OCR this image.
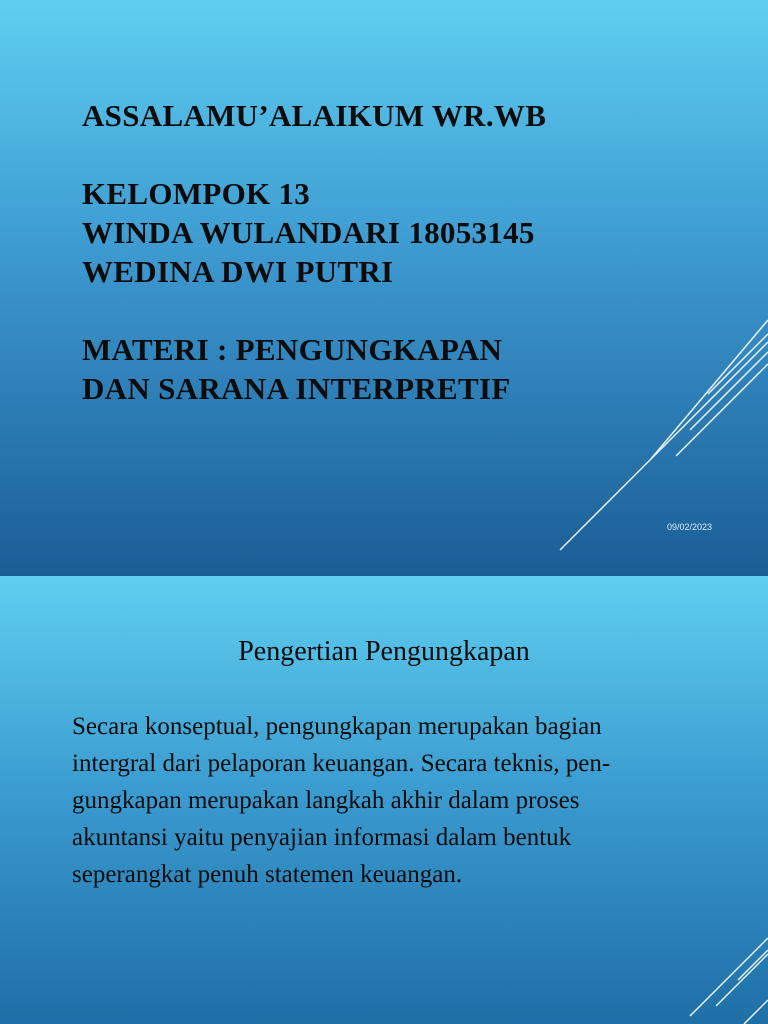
ASSALAMU’ALAIKUM WR.WB
KELOMPOK 13
WINDA WULANDARI 18053145
WEDINA DWI PUTRI
MATERI : PENGUNGKAPAN
DAN SARANA INTERPRETIF
09/02/2023
Pengertian Pengungkapan
Secara konseptual, pengungkapan merupakan bagian
intergral dari pelaporan keuangan. Secara teknis, pen-
gungkapan merupakan langkah akhir dalam proses
akuntansi yaitu penyajian informasi dalam bentuk
seperangkat penuh statemen keuangan.
